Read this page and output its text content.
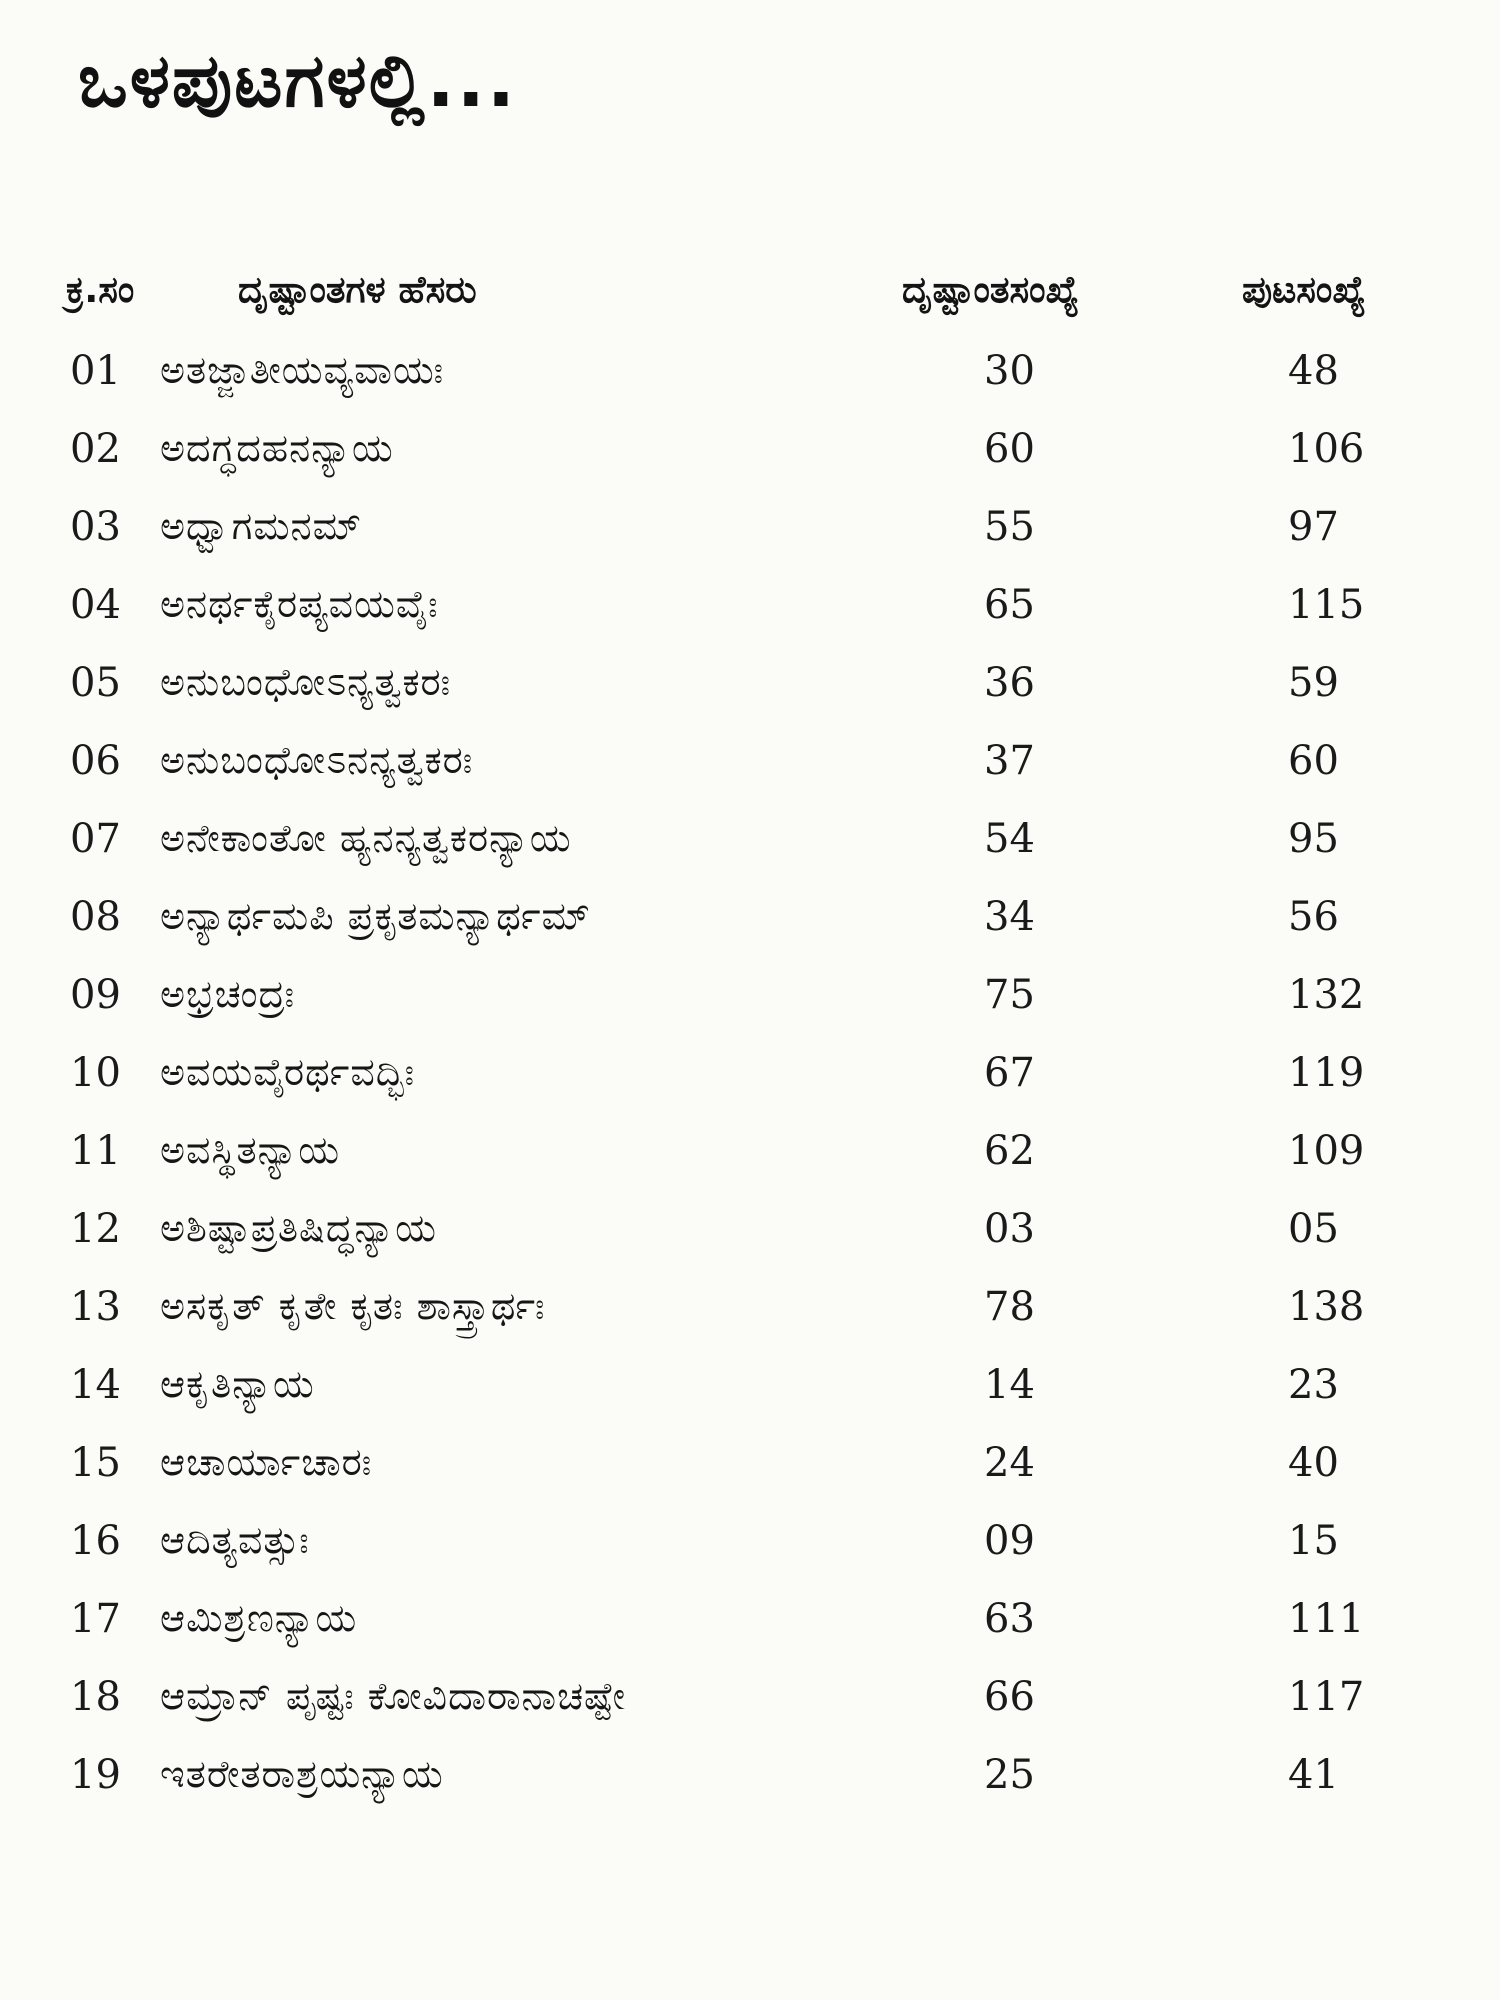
ಒಳಪುಟಗಳಲ್ಲಿ...
ಕ್ರ.ಸಂ	ದೃಷ್ಟಾಂತಗಳ ಹೆಸರು	ದೃಷ್ಟಾಂತಸಂಖ್ಯೆ	ಪುಟಸಂಖ್ಯೆ
01 ಅತಜ್ಜಾತೀಯವ್ಯವಾಯಃ	30	48
02 ಅದಗ್ಧದಹನನ್ಯಾಯ	60	106
03 ಅಧ್ವಾಗಮನಮ್	55	97
04 ಅನರ್ಥಕೈರಪ್ಯವಯವೈಃ	65	115
05 ಅನುಬಂಧೋಽನ್ಯತ್ವಕರಃ	36	59
06 ಅನುಬಂಧೋಽನನ್ಯತ್ವಕರಃ	37	60
07 ಅನೇಕಾಂತೋ ಹ್ಯನನ್ಯತ್ವಕರನ್ಯಾಯ	54	95
08 ಅನ್ಯಾರ್ಥಮಪಿ ಪ್ರಕೃತಮನ್ಯಾರ್ಥಮ್	34	56
09 ಅಭ್ರಚಂದ್ರಃ	75	132
10 ಅವಯವೈರರ್ಥವದ್ಭಿಃ	67	119
11 ಅವಸ್ಥಿತನ್ಯಾಯ	62	109
12 ಅಶಿಷ್ಟಾಪ್ರತಿಷಿದ್ಧನ್ಯಾಯ	03	05
13 ಅಸಕೃತ್ ಕೃತೇ ಕೃತಃ ಶಾಸ್ತ್ರಾರ್ಥಃ	78	138
14 ಆಕೃತಿನ್ಯಾಯ	14	23
15 ಆಚಾರ್ಯಾಚಾರಃ	24	40
16 ಆದಿತ್ಯವತ್ಸುಃ	09	15
17 ಆಮಿಶ್ರಣನ್ಯಾಯ	63	111
18 ಆಮ್ರಾನ್ ಪೃಷ್ಟಃ ಕೋವಿದಾರಾನಾಚಷ್ಟೇ	66	117
19 ಇತರೇತರಾಶ್ರಯನ್ಯಾಯ	25	41
